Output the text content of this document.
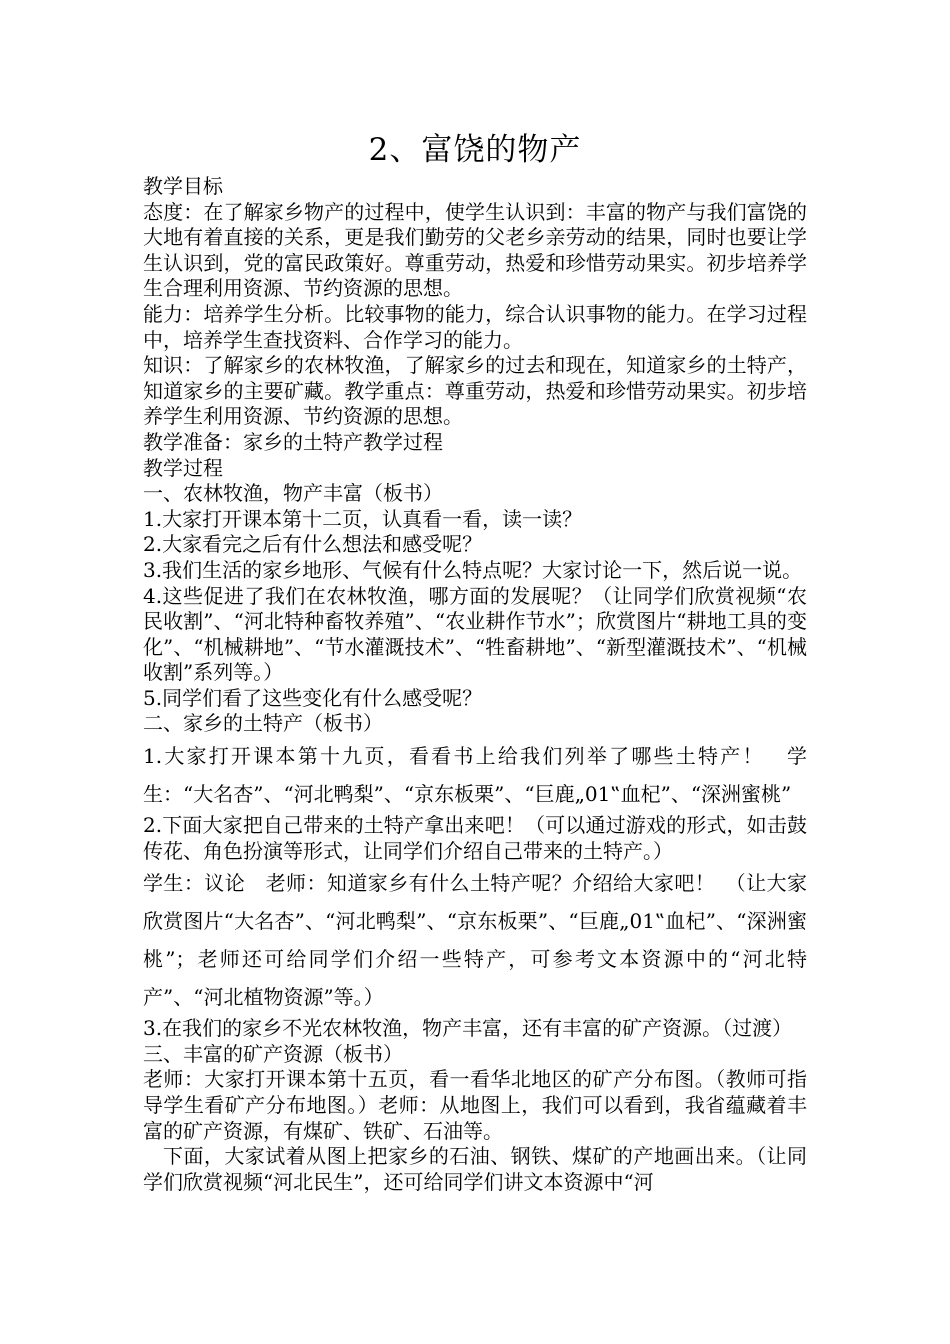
2、富饶的物产

教学目标

态度：在了解家乡物产的过程中，使学生认识到：丰富的物产与我们富饶的大地有着直接的关系，更是我们勤劳的父老乡亲劳动的结果，同时也要让学生认识到，党的富民政策好。尊重劳动，热爱和珍惜劳动果实。初步培养学生合理利用资源、节约资源的思想。

能力：培养学生分析。比较事物的能力，综合认识事物的能力。在学习过程中，培养学生查找资料、合作学习的能力。

知识：了解家乡的农林牧渔，了解家乡的过去和现在，知道家乡的土特产，知道家乡的主要矿藏。教学重点：尊重劳动，热爱和珍惜劳动果实。初步培养学生利用资源、节约资源的思想。

教学准备：家乡的土特产教学过程

教学过程

一、农林牧渔，物产丰富（板书）

1.大家打开课本第十二页，认真看一看，读一读？

2.大家看完之后有什么想法和感受呢？

3.我们生活的家乡地形、气候有什么特点呢？大家讨论一下，然后说一说。

4.这些促进了我们在农林牧渔，哪方面的发展呢？（让同学们欣赏视频“农民收割”、“河北特种畜牧养殖”、“农业耕作节水”；欣赏图片“耕地工具的变化”、“机械耕地”、“节水灌溉技术”、“牲畜耕地”、“新型灌溉技术”、“机械收割”系列等。）

5.同学们看了这些变化有什么感受呢？

二、家乡的土特产（板书）

1.大家打开课本第十九页，看看书上给我们列举了哪些土特产！　学生：“大名杏”、“河北鸭梨”、“京东板栗”、“巨鹿„01‟血杞”、“深洲蜜桃”

2.下面大家把自己带来的土特产拿出来吧！（可以通过游戏的形式，如击鼓传花、角色扮演等形式，让同学们介绍自己带来的土特产。）

学生：议论　老师：知道家乡有什么土特产呢？介绍给大家吧！　（让大家欣赏图片“大名杏”、“河北鸭梨”、“京东板栗”、“巨鹿„01‟血杞”、“深洲蜜桃”；老师还可给同学们介绍一些特产，可参考文本资源中的“河北特产”、“河北植物资源”等。）

3.在我们的家乡不光农林牧渔，物产丰富，还有丰富的矿产资源。（过渡）

三、丰富的矿产资源（板书）

老师：大家打开课本第十五页，看一看华北地区的矿产分布图。（教师可指导学生看矿产分布地图。）老师：从地图上，我们可以看到，我省蕴藏着丰富的矿产资源，有煤矿、铁矿、石油等。

下面，大家试着从图上把家乡的石油、钢铁、煤矿的产地画出来。（让同学们欣赏视频“河北民生”，还可给同学们讲文本资源中“河
